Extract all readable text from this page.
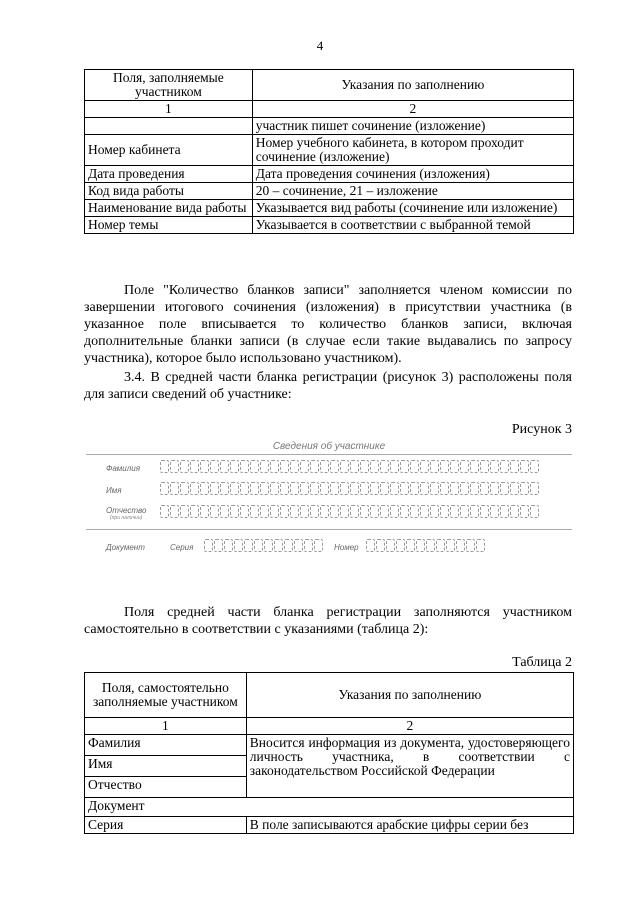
4
Поля, заполняемые участником	Указания по заполнению
1	2
	участник пишет сочинение (изложение)
Номер кабинета	Номер учебного кабинета, в котором проходит сочинение (изложение)
Дата проведения	Дата проведения сочинения (изложения)
Код вида работы	20 – сочинение, 21 – изложение
Наименование вида работы	Указывается вид работы (сочинение или изложение)
Номер темы	Указывается в соответствии с выбранной темой

Поле "Количество бланков записи" заполняется членом комиссии по завершении итогового сочинения (изложения) в присутствии участника (в указанное поле вписывается то количество бланков записи, включая дополнительные бланки записи (в случае если такие выдавались по запросу участника), которое было использовано участником).

3.4. В средней части бланка регистрации (рисунок 3) расположены поля для записи сведений об участнике:

Рисунок 3
Сведения об участнике
Фамилия
Имя
Отчество
(при наличии)
Документ	Серия	Номер

Поля средней части бланка регистрации заполняются участником самостоятельно в соответствии с указаниями (таблица 2):

Таблица 2
Поля, самостоятельно заполняемые участником	Указания по заполнению
1	2
Фамилия	Вносится информация из документа, удостоверяющего личность участника, в соответствии с законодательством Российской Федерации
Имя	
Отчество	
Документ	
Серия	В поле записываются арабские цифры серии без
